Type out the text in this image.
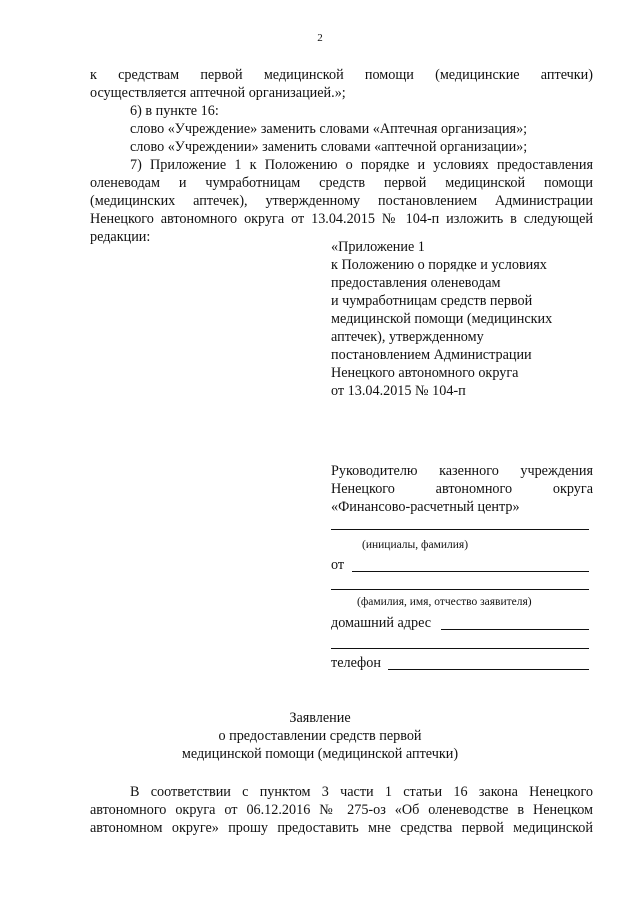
2
к средствам первой медицинской помощи (медицинские аптечки)
осуществляется аптечной организацией.»;
6) в пункте 16:
слово «Учреждение» заменить словами «Аптечная организация»;
слово «Учреждении» заменить словами «аптечной организации»;
7) Приложение 1 к Положению о порядке и условиях предоставления
оленеводам и чумработницам средств первой медицинской помощи
(медицинских аптечек), утвержденному постановлением Администрации
Ненецкого автономного округа от 13.04.2015 № 104-п изложить в следующей
редакции:
«Приложение 1
к Положению о порядке и условиях
предоставления оленеводам
и чумработницам средств первой
медицинской помощи (медицинских
аптечек), утвержденному
постановлением Администрации
Ненецкого автономного округа
от 13.04.2015 № 104-п
Руководителю казенного учреждения
Ненецкого автономного округа
«Финансово-расчетный центр»
(инициалы, фамилия)
от
(фамилия, имя, отчество заявителя)
домашний адрес
телефон
Заявление
о предоставлении средств первой
медицинской помощи (медицинской аптечки)
В соответствии с пунктом 3 части 1 статьи 16 закона Ненецкого
автономного округа от 06.12.2016 № 275-оз «Об оленеводстве в Ненецком
автономном округе» прошу предоставить мне средства первой медицинской
